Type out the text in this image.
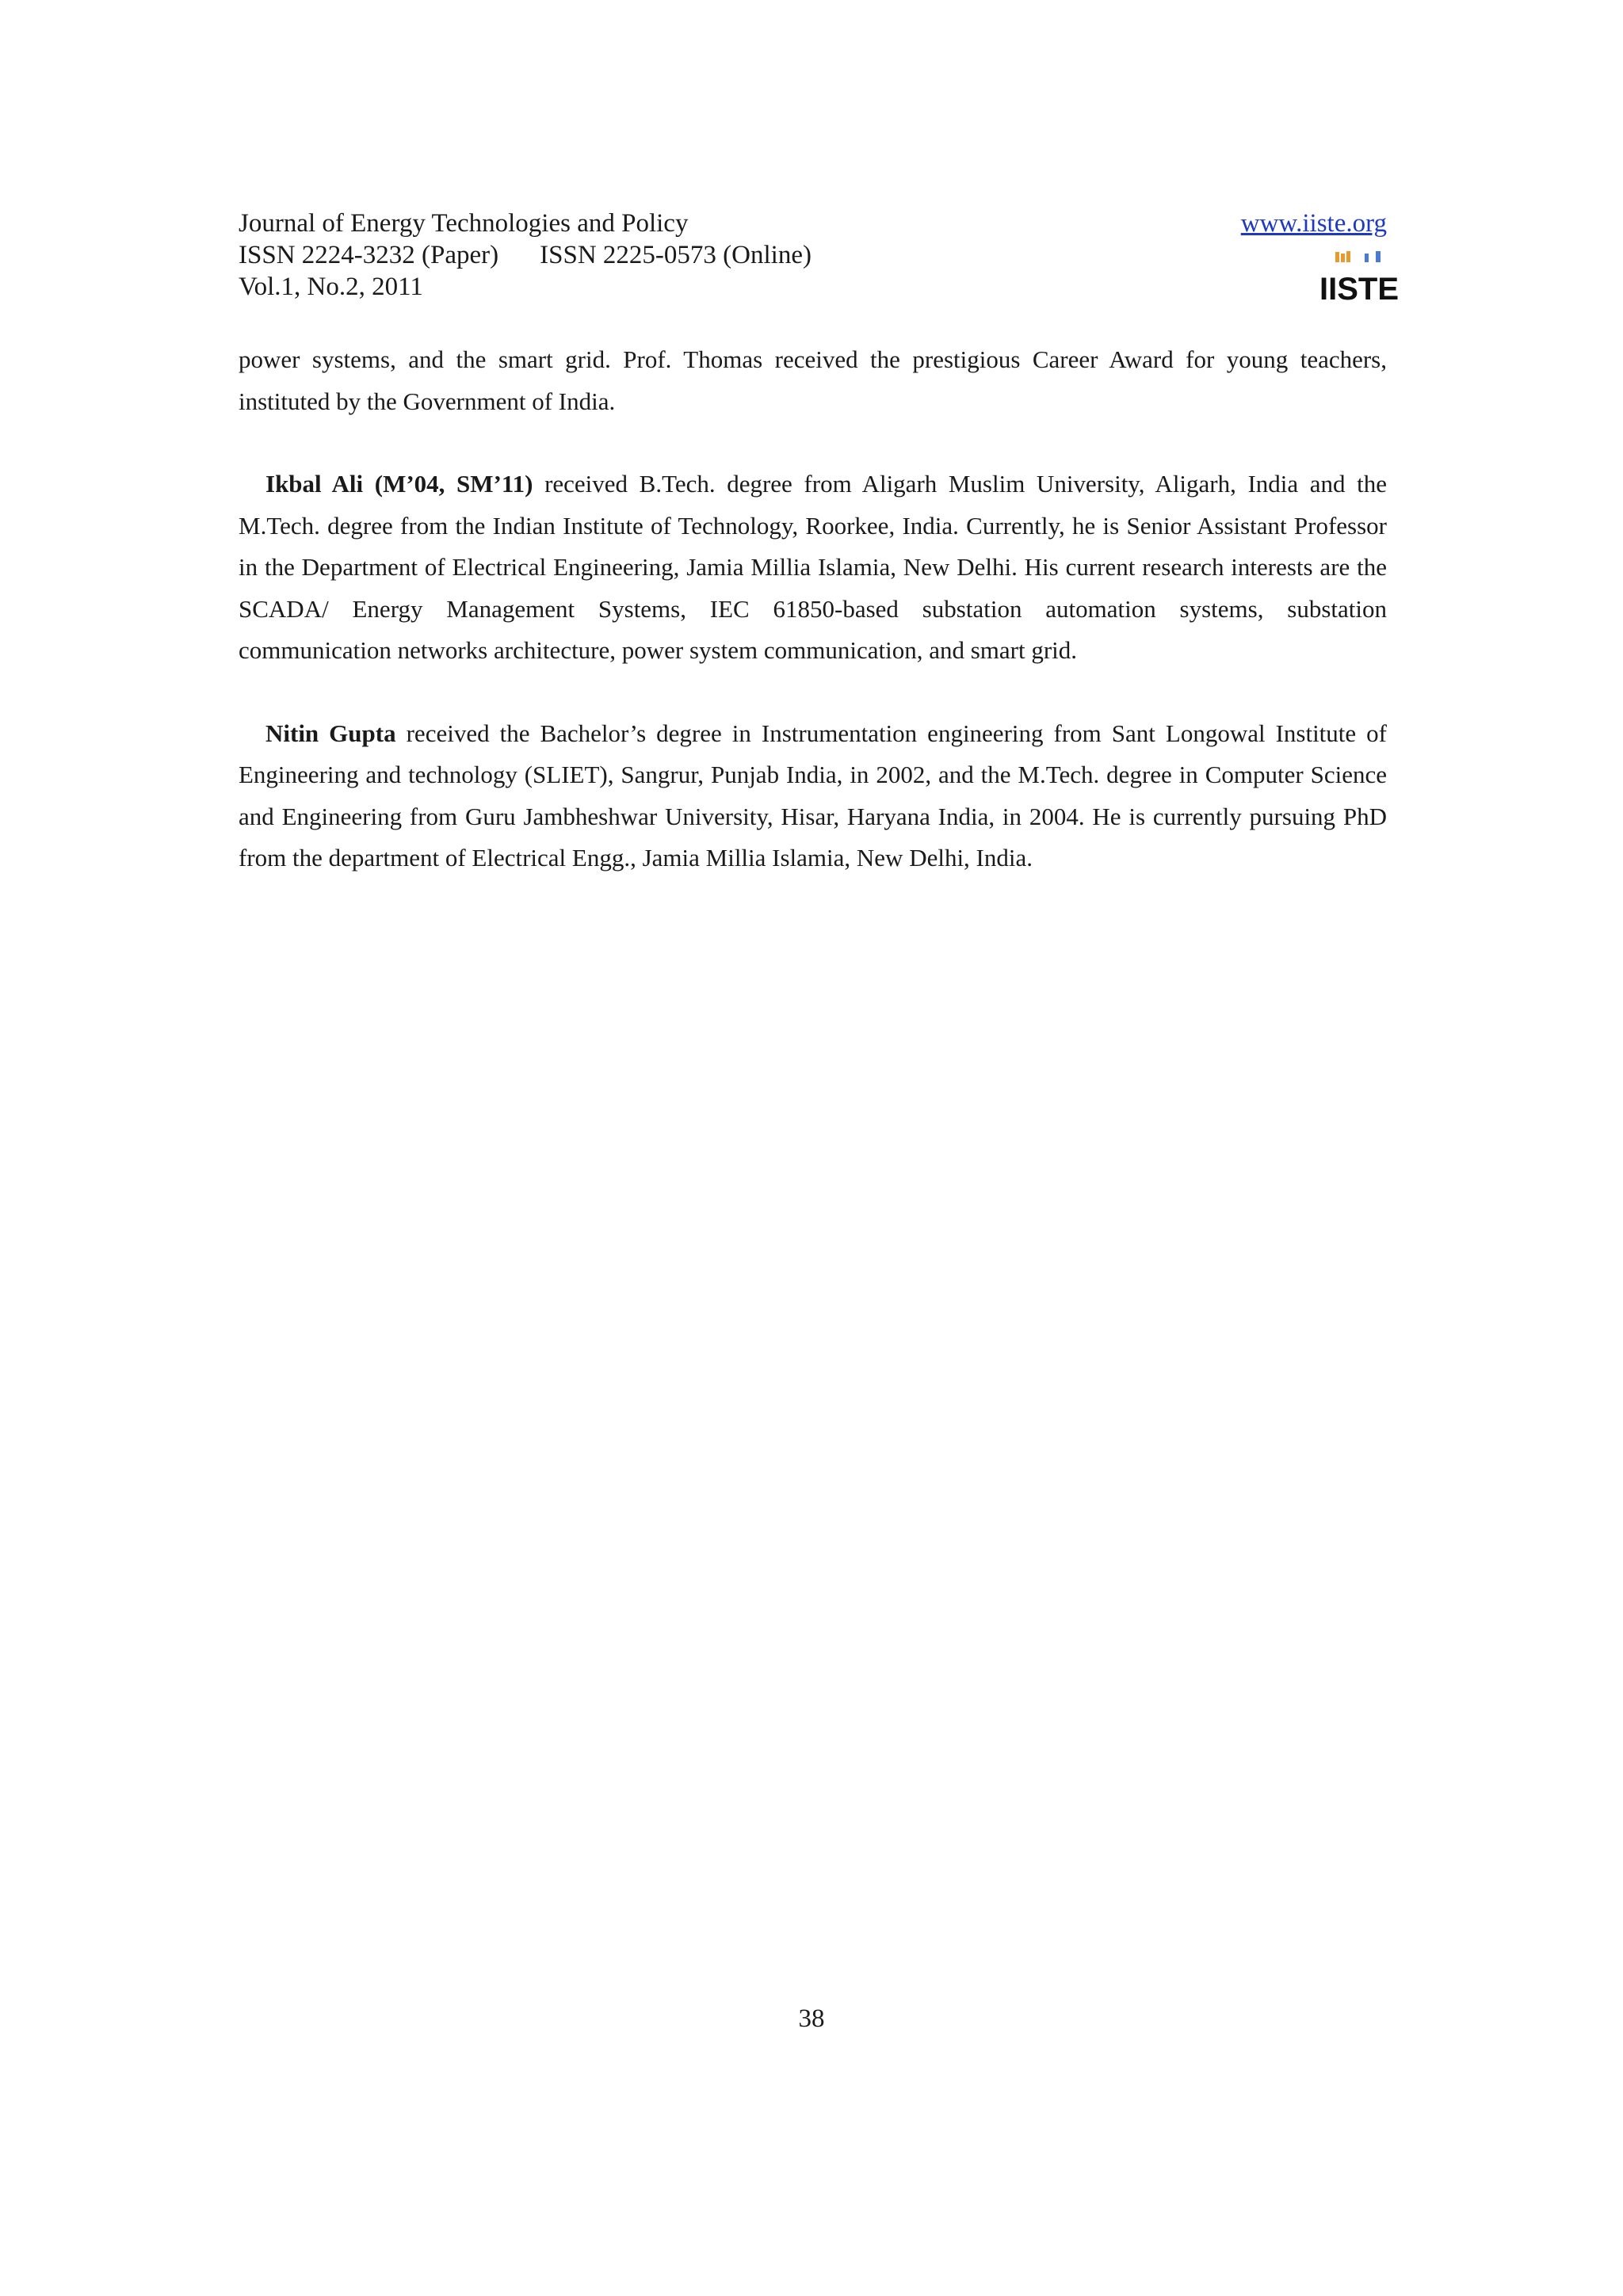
Journal of Energy Technologies and Policy
ISSN 2224-3232 (Paper) ISSN 2225-0573 (Online)
Vol.1, No.2, 2011
www.iiste.org
IISTE

power systems, and the smart grid. Prof. Thomas received the prestigious Career Award for young teachers, instituted by the Government of India.

Ikbal Ali (M’04, SM’11) received B.Tech. degree from Aligarh Muslim University, Aligarh, India and the M.Tech. degree from the Indian Institute of Technology, Roorkee, India. Currently, he is Senior Assistant Professor in the Department of Electrical Engineering, Jamia Millia Islamia, New Delhi. His current research interests are the SCADA/ Energy Management Systems, IEC 61850-based substation automation systems, substation communication networks architecture, power system communication, and smart grid.

Nitin Gupta received the Bachelor’s degree in Instrumentation engineering from Sant Longowal Institute of Engineering and technology (SLIET), Sangrur, Punjab India, in 2002, and the M.Tech. degree in Computer Science and Engineering from Guru Jambheshwar University, Hisar, Haryana India, in 2004. He is currently pursuing PhD from the department of Electrical Engg., Jamia Millia Islamia, New Delhi, India.

38
